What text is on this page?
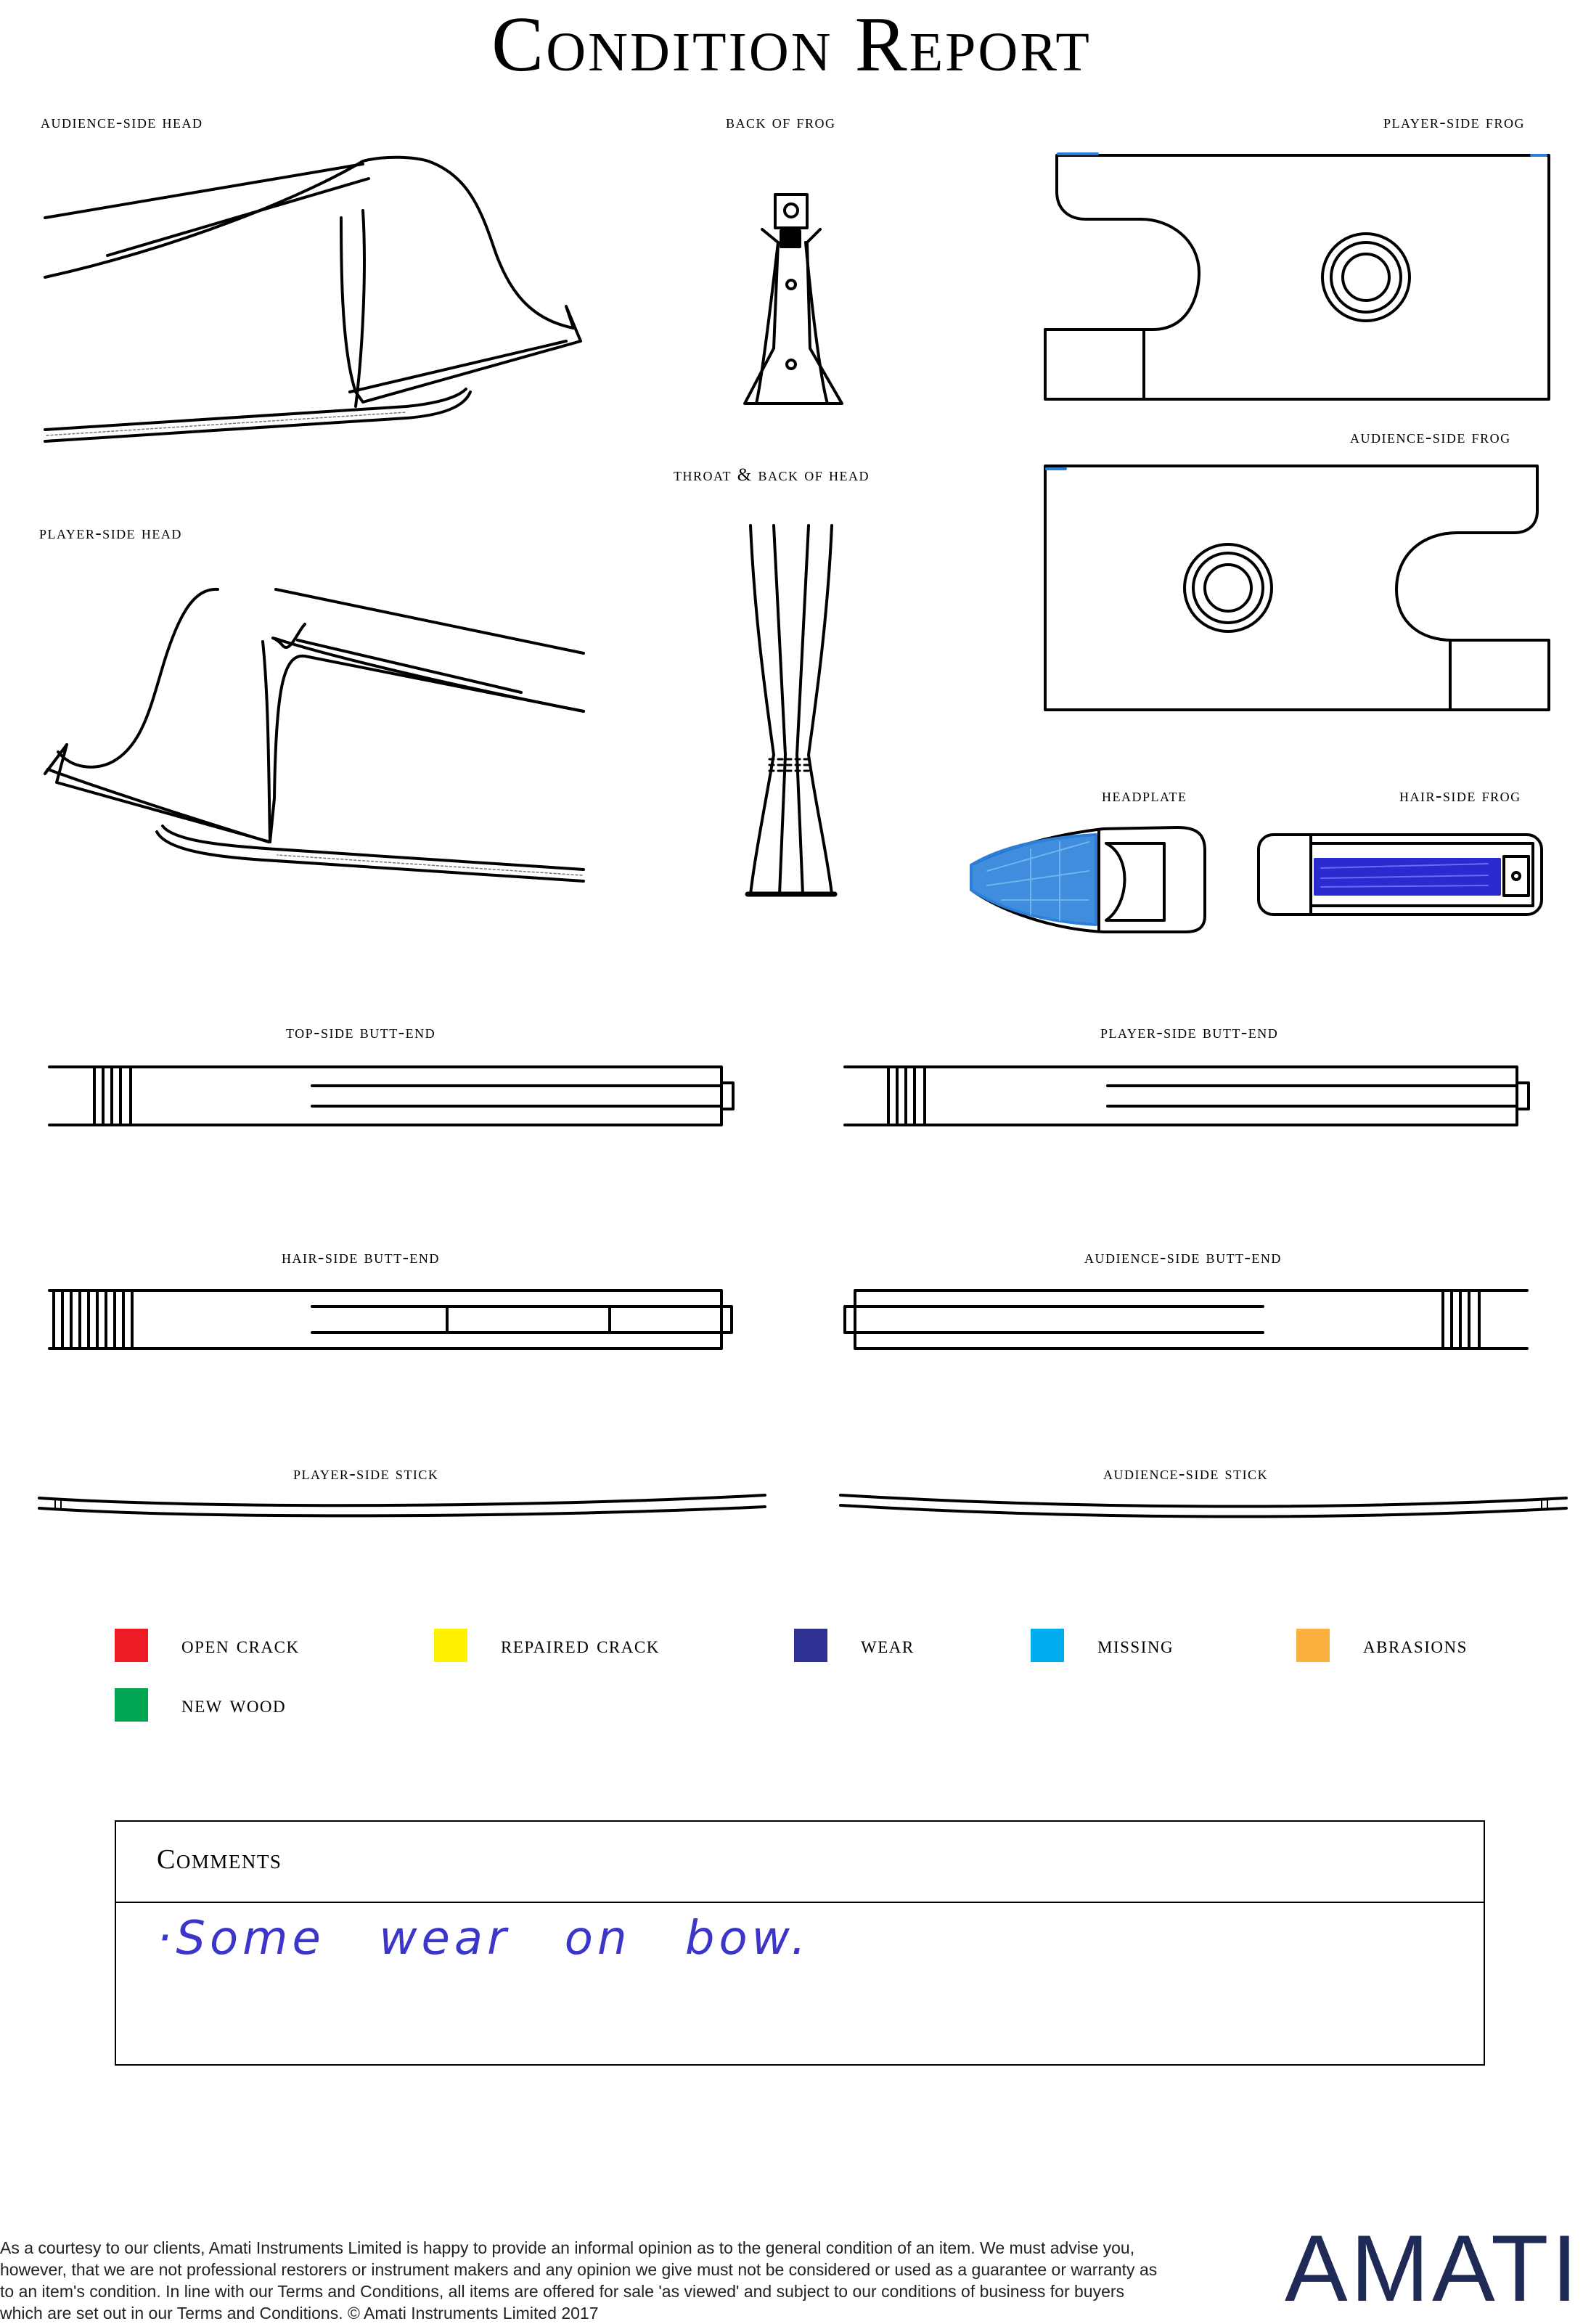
Condition Report
audience-side head	back of frog	player-side frog
throat & back of head
audience-side frog
player-side head
headplate	hair-side frog
top-side butt-end	player-side butt-end
hair-side butt-end	audience-side butt-end
player-side stick	audience-side stick
open crack	repaired crack	wear	missing	abrasions
new wood
Comments
·Some wear on bow.
As a courtesy to our clients, Amati Instruments Limited is happy to provide an informal opinion as to the general condition of an item. We must advise you, however, that we are not professional restorers or instrument makers and any opinion we give must not be considered or used as a guarantee or warranty as to an item's condition. In line with our Terms and Conditions, all items are offered for sale 'as viewed' and subject to our conditions of business for buyers which are set out in our Terms and Conditions. © Amati Instruments Limited 2017	AMATI
